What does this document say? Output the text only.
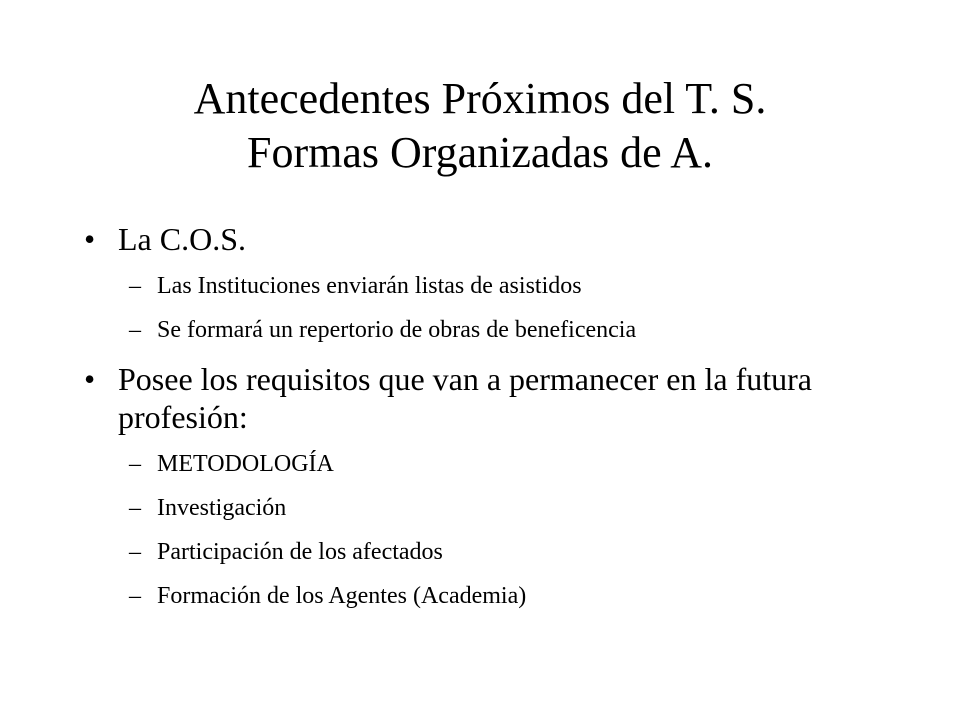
Antecedentes Próximos del T. S.
Formas Organizadas de A.
• La C.O.S.
– Las Instituciones enviarán listas de asistidos
– Se formará un repertorio de obras de beneficencia
• Posee los requisitos que van a permanecer en la futura profesión:
– METODOLOGÍA
– Investigación
– Participación de los afectados
– Formación de los Agentes (Academia)
